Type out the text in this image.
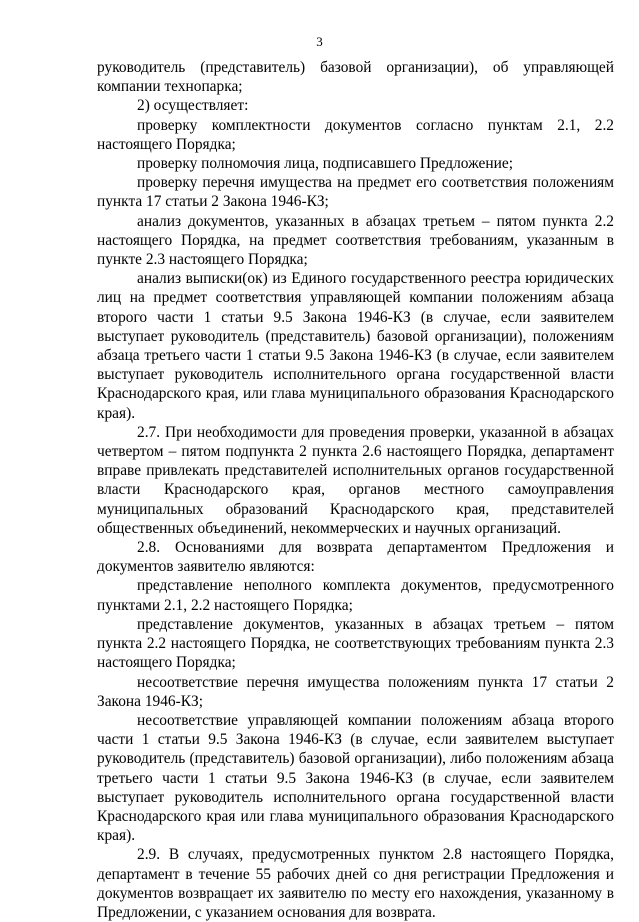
3

руководитель (представитель) базовой организации), об управляющей компании технопарка;

2) осуществляет:

проверку комплектности документов согласно пунктам 2.1, 2.2 настоящего Порядка;

проверку полномочия лица, подписавшего Предложение;

проверку перечня имущества на предмет его соответствия положениям пункта 17 статьи 2 Закона 1946-КЗ;

анализ документов, указанных в абзацах третьем – пятом пункта 2.2 настоящего Порядка, на предмет соответствия требованиям, указанным в пункте 2.3 настоящего Порядка;

анализ выписки(ок) из Единого государственного реестра юридических лиц на предмет соответствия управляющей компании положениям абзаца второго части 1 статьи 9.5 Закона 1946-КЗ (в случае, если заявителем выступает руководитель (представитель) базовой организации), положениям абзаца третьего части 1 статьи 9.5 Закона 1946-КЗ (в случае, если заявителем выступает руководитель исполнительного органа государственной власти Краснодарского края, или глава муниципального образования Краснодарского края).

2.7. При необходимости для проведения проверки, указанной в абзацах четвертом – пятом подпункта 2 пункта 2.6 настоящего Порядка, департамент вправе привлекать представителей исполнительных органов государственной власти Краснодарского края, органов местного самоуправления муниципальных образований Краснодарского края, представителей общественных объединений, некоммерческих и научных организаций.

2.8. Основаниями для возврата департаментом Предложения и документов заявителю являются:

представление неполного комплекта документов, предусмотренного пунктами 2.1, 2.2 настоящего Порядка;

представление документов, указанных в абзацах третьем – пятом пункта 2.2 настоящего Порядка, не соответствующих требованиям пункта 2.3 настоящего Порядка;

несоответствие перечня имущества положениям пункта 17 статьи 2 Закона 1946-КЗ;

несоответствие управляющей компании положениям абзаца второго части 1 статьи 9.5 Закона 1946-КЗ (в случае, если заявителем выступает руководитель (представитель) базовой организации), либо положениям абзаца третьего части 1 статьи 9.5 Закона 1946-КЗ (в случае, если заявителем выступает руководитель исполнительного органа государственной власти Краснодарского края или глава муниципального образования Краснодарского края).

2.9. В случаях, предусмотренных пунктом 2.8 настоящего Порядка, департамент в течение 55 рабочих дней со дня регистрации Предложения и документов возвращает их заявителю по месту его нахождения, указанному в Предложении, с указанием основания для возврата.
